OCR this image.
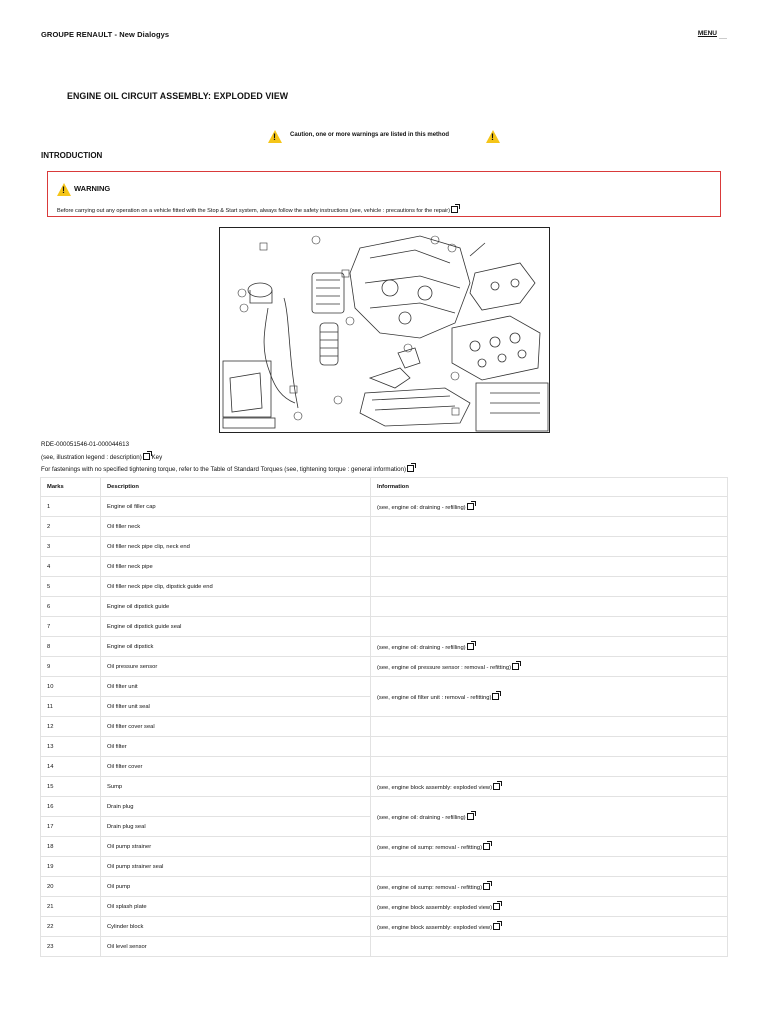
GROUPE RENAULT - New Dialogys	MENU
ENGINE OIL CIRCUIT ASSEMBLY: EXPLODED VIEW
!
Caution, one or more warnings are listed in this method
!
INTRODUCTION
!
WARNING
Before carrying out any operation on a vehicle fitted with the Stop & Start system, always follow the safety instructions (see, vehicle : precautions for the repair)
RDE-000051546-01-000044613
(see, illustration legend : description) Key
For fastenings with no specified tightening torque, refer to the Table of Standard Torques (see, tightening torque : general information)
Marks	Description	Information
1	Engine oil filler cap	(see, engine oil: draining - refilling)
2	Oil filler neck	
3	Oil filler neck pipe clip, neck end	
4	Oil filler neck pipe	
5	Oil filler neck pipe clip, dipstick guide end	
6	Engine oil dipstick guide	
7	Engine oil dipstick guide seal	
8	Engine oil dipstick	(see, engine oil: draining - refilling)
9	Oil pressure sensor	(see, engine oil pressure sensor : removal - refitting)
10	Oil filter unit	(see, engine oil filter unit : removal - refitting)
11	Oil filter unit seal	
12	Oil filter cover seal	
13	Oil filter	
14	Oil filter cover	
15	Sump	(see, engine block assembly: exploded view)
16	Drain plug	(see, engine oil: draining - refilling)
17	Drain plug seal	
18	Oil pump strainer	(see, engine oil sump: removal - refitting)
19	Oil pump strainer seal	
20	Oil pump	(see, engine oil sump: removal - refitting)
21	Oil splash plate	(see, engine block assembly: exploded view)
22	Cylinder block	(see, engine block assembly: exploded view)
23	Oil level sensor	
